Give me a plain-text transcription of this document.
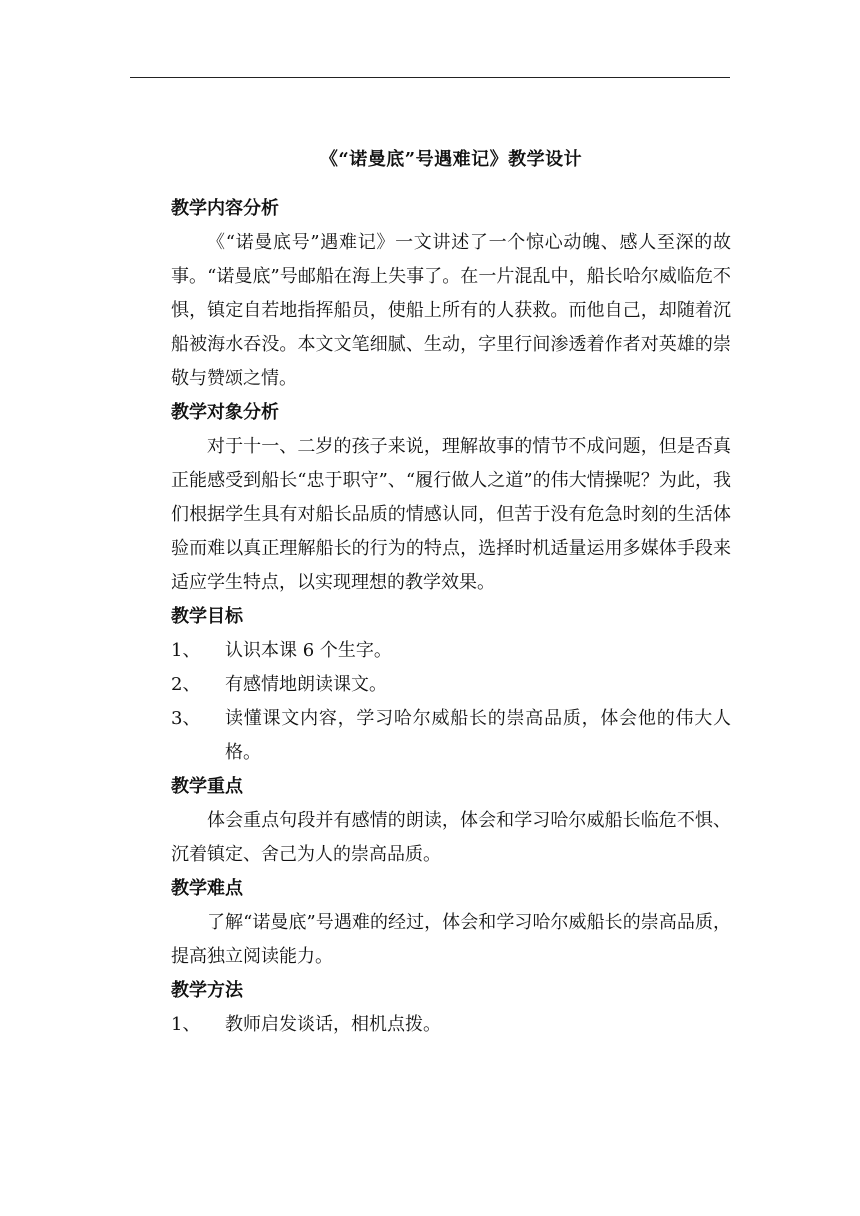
《“诺曼底”号遇难记》教学设计
教学内容分析

《“诺曼底号”遇难记》一文讲述了一个惊心动魄、感人至深的故事。“诺曼底”号邮船在海上失事了。在一片混乱中，船长哈尔威临危不惧，镇定自若地指挥船员，使船上所有的人获救。而他自己，却随着沉船被海水吞没。本文文笔细腻、生动，字里行间渗透着作者对英雄的崇敬与赞颂之情。

教学对象分析

对于十一、二岁的孩子来说，理解故事的情节不成问题，但是否真正能感受到船长“忠于职守”、“履行做人之道”的伟大情操呢？为此，我们根据学生具有对船长品质的情感认同，但苦于没有危急时刻的生活体验而难以真正理解船长的行为的特点，选择时机适量运用多媒体手段来适应学生特点，以实现理想的教学效果。

教学目标
1、	认识本课 6 个生字。
2、	有感情地朗读课文。
3、	读懂课文内容，学习哈尔威船长的崇高品质，体会他的伟大人格。
教学重点

体会重点句段并有感情的朗读，体会和学习哈尔威船长临危不惧、沉着镇定、舍己为人的崇高品质。

教学难点

了解“诺曼底”号遇难的经过，体会和学习哈尔威船长的崇高品质，提高独立阅读能力。

教学方法
1、	教师启发谈话，相机点拨。
